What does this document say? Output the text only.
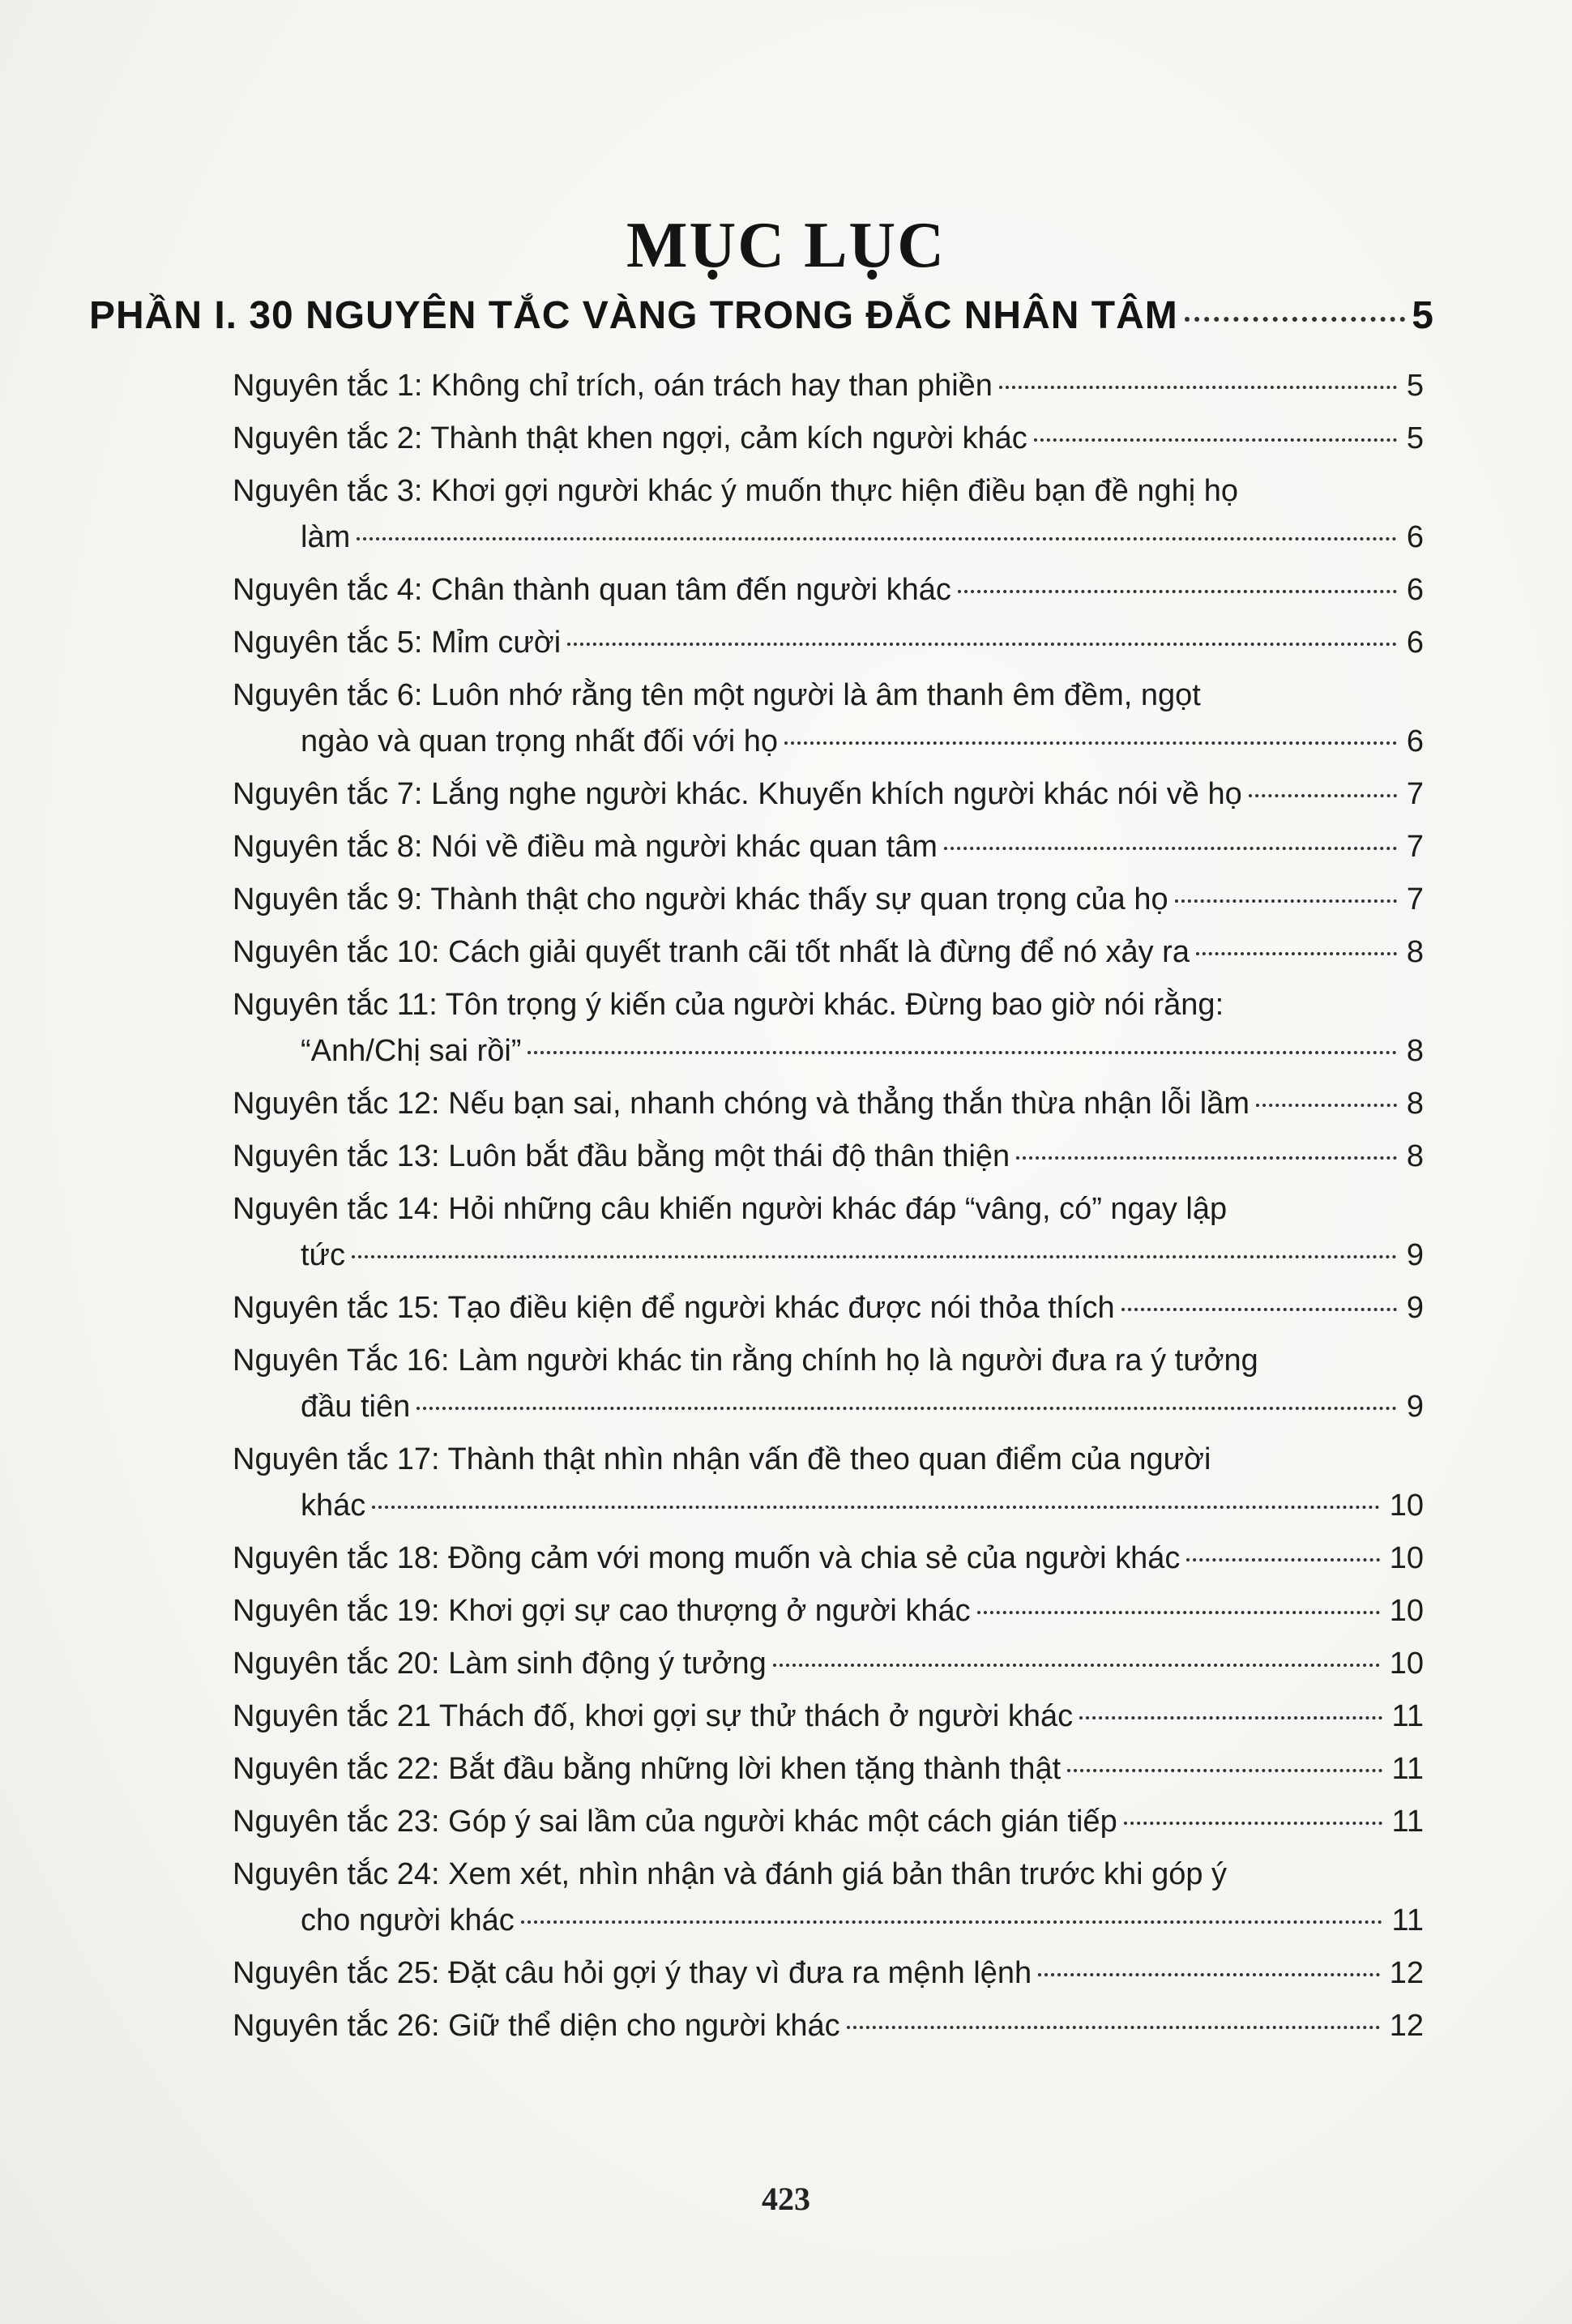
MỤC LỤC
PHẦN I. 30 NGUYÊN TẮC VÀNG TRONG ĐẮC NHÂN TÂM	5
Nguyên tắc 1: Không chỉ trích, oán trách hay than phiền	5
Nguyên tắc 2: Thành thật khen ngợi, cảm kích người khác	5
Nguyên tắc 3: Khơi gợi người khác ý muốn thực hiện điều bạn đề nghị họ
làm	6
Nguyên tắc 4: Chân thành quan tâm đến người khác	6
Nguyên tắc 5: Mỉm cười	6
Nguyên tắc 6: Luôn nhớ rằng tên một người là âm thanh êm đềm, ngọt
ngào và quan trọng nhất đối với họ	6
Nguyên tắc 7: Lắng nghe người khác. Khuyến khích người khác nói về họ	7
Nguyên tắc 8: Nói về điều mà người khác quan tâm	7
Nguyên tắc 9: Thành thật cho người khác thấy sự quan trọng của họ	7
Nguyên tắc 10: Cách giải quyết tranh cãi tốt nhất là đừng để nó xảy ra	8
Nguyên tắc 11: Tôn trọng ý kiến của người khác. Đừng bao giờ nói rằng:
“Anh/Chị sai rồi”	8
Nguyên tắc 12: Nếu bạn sai, nhanh chóng và thẳng thắn thừa nhận lỗi lầm	8
Nguyên tắc 13: Luôn bắt đầu bằng một thái độ thân thiện	8
Nguyên tắc 14: Hỏi những câu khiến người khác đáp “vâng, có” ngay lập
tức	9
Nguyên tắc 15: Tạo điều kiện để người khác được nói thỏa thích	9
Nguyên Tắc 16: Làm người khác tin rằng chính họ là người đưa ra ý tưởng
đầu tiên	9
Nguyên tắc 17: Thành thật nhìn nhận vấn đề theo quan điểm của người
khác	10
Nguyên tắc 18: Đồng cảm với mong muốn và chia sẻ của người khác	10
Nguyên tắc 19: Khơi gợi sự cao thượng ở người khác	10
Nguyên tắc 20: Làm sinh động ý tưởng	10
Nguyên tắc 21 Thách đố, khơi gợi sự thử thách ở người khác	11
Nguyên tắc 22: Bắt đầu bằng những lời khen tặng thành thật	11
Nguyên tắc 23: Góp ý sai lầm của người khác một cách gián tiếp	11
Nguyên tắc 24: Xem xét, nhìn nhận và đánh giá bản thân trước khi góp ý
cho người khác	11
Nguyên tắc 25: Đặt câu hỏi gợi ý thay vì đưa ra mệnh lệnh	12
Nguyên tắc 26: Giữ thể diện cho người khác	12
423
